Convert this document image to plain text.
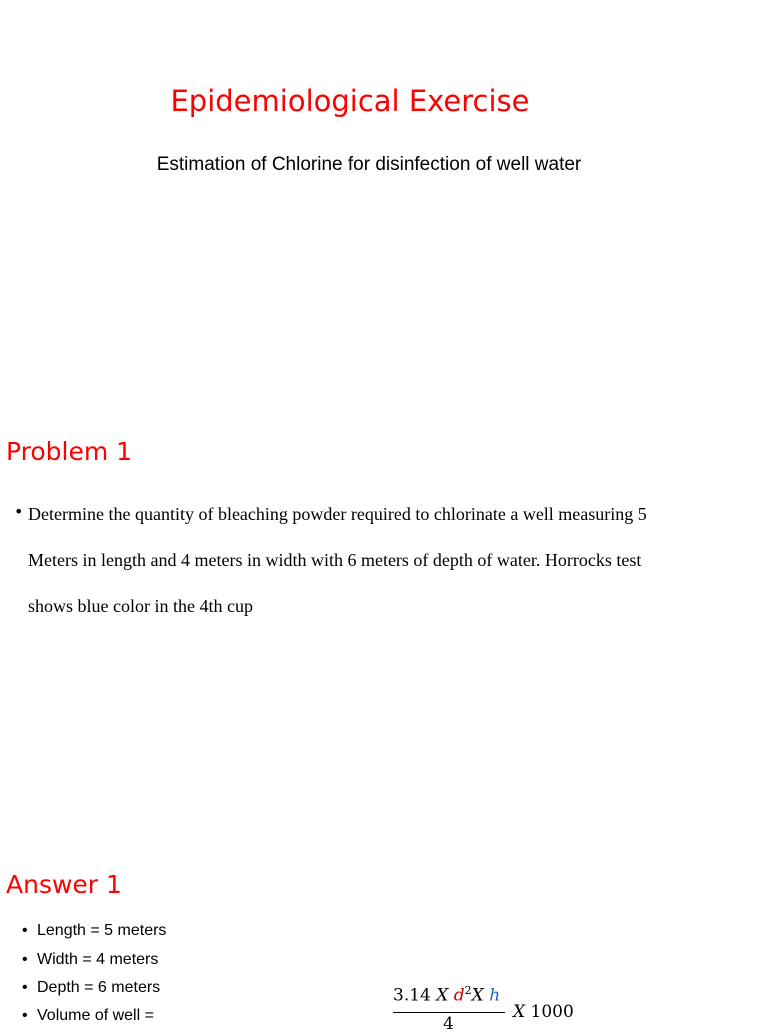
Epidemiological Exercise
Estimation of Chlorine for disinfection of well water
Problem 1
• Determine the quantity of bleaching powder required to chlorinate a well measuring 5
Meters in length and 4 meters in width with 6 meters of depth of water. Horrocks test
shows blue color in the 4th cup
Answer 1
• Length = 5 meters
• Width = 4 meters
• Depth = 6 meters
• Volume of well =
3.14 X $d^2X$ h
4
X 1000
